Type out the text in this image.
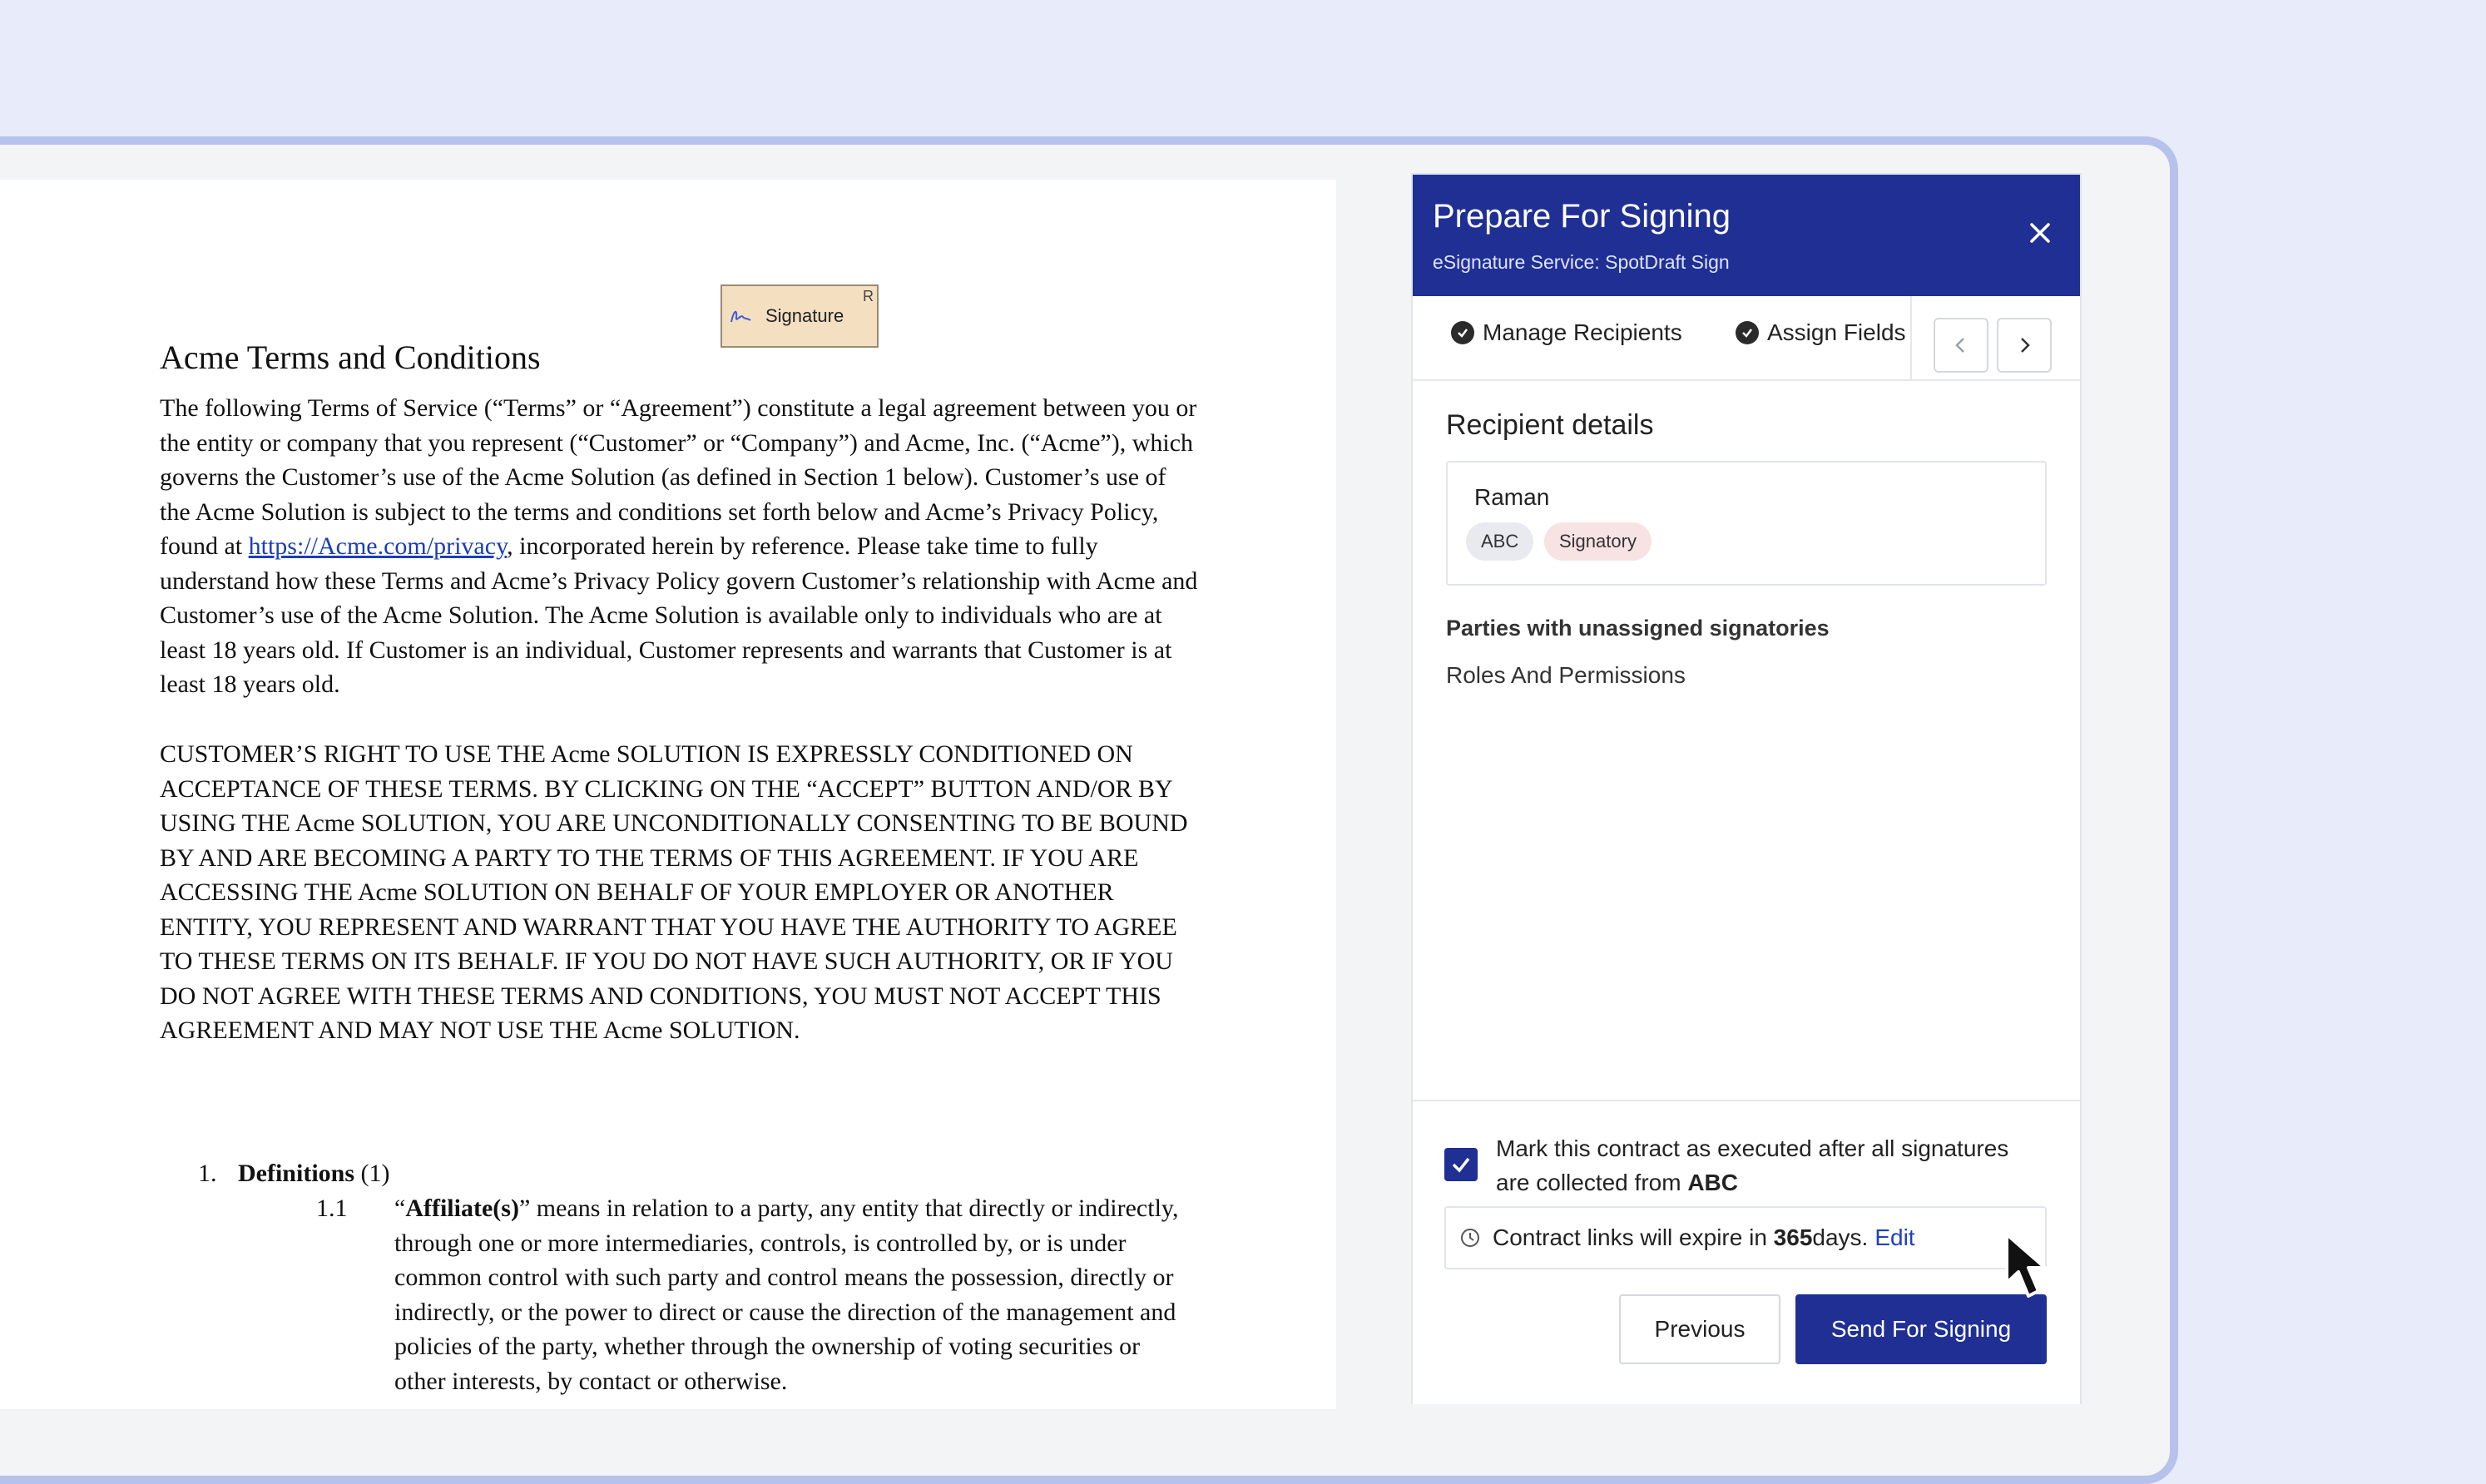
Signature
R
Acme Terms and Conditions

The following Terms of Service (“Terms” or “Agreement”) constitute a legal agreement between you or the entity or company that you represent (“Customer” or “Company”) and Acme, Inc. (“Acme”), which governs the Customer’s use of the Acme Solution (as defined in Section 1 below). Customer’s use of the Acme Solution is subject to the terms and conditions set forth below and Acme’s Privacy Policy, found at https://Acme.com/privacy, incorporated herein by reference. Please take time to fully understand how these Terms and Acme’s Privacy Policy govern Customer’s relationship with Acme and Customer’s use of the Acme Solution. The Acme Solution is available only to individuals who are at least 18 years old. If Customer is an individual, Customer represents and warrants that Customer is at least 18 years old.

CUSTOMER’S RIGHT TO USE THE Acme SOLUTION IS EXPRESSLY CONDITIONED ON ACCEPTANCE OF THESE TERMS. BY CLICKING ON THE “ACCEPT” BUTTON AND/OR BY USING THE Acme SOLUTION, YOU ARE UNCONDITIONALLY CONSENTING TO BE BOUND BY AND ARE BECOMING A PARTY TO THE TERMS OF THIS AGREEMENT. IF YOU ARE ACCESSING THE Acme SOLUTION ON BEHALF OF YOUR EMPLOYER OR ANOTHER ENTITY, YOU REPRESENT AND WARRANT THAT YOU HAVE THE AUTHORITY TO AGREE TO THESE TERMS ON ITS BEHALF. IF YOU DO NOT HAVE SUCH AUTHORITY, OR IF YOU DO NOT AGREE WITH THESE TERMS AND CONDITIONS, YOU MUST NOT ACCEPT THIS AGREEMENT AND MAY NOT USE THE Acme SOLUTION.

1. Definitions (1)
1.1 “Affiliate(s)” means in relation to a party, any entity that directly or indirectly, through one or more intermediaries, controls, is controlled by, or is under common control with such party and control means the possession, directly or indirectly, or the power to direct or cause the direction of the management and policies of the party, whether through the ownership of voting securities or other interests, by contact or otherwise.

Prepare For Signing
eSignature Service: SpotDraft Sign
Manage Recipients	Assign Fields
Recipient details
Raman
ABC	Signatory
Parties with unassigned signatories
Roles And Permissions
Mark this contract as executed after all signatures are collected from ABC
Contract links will expire in
365 days. Edit
Previous	Send For Signing
